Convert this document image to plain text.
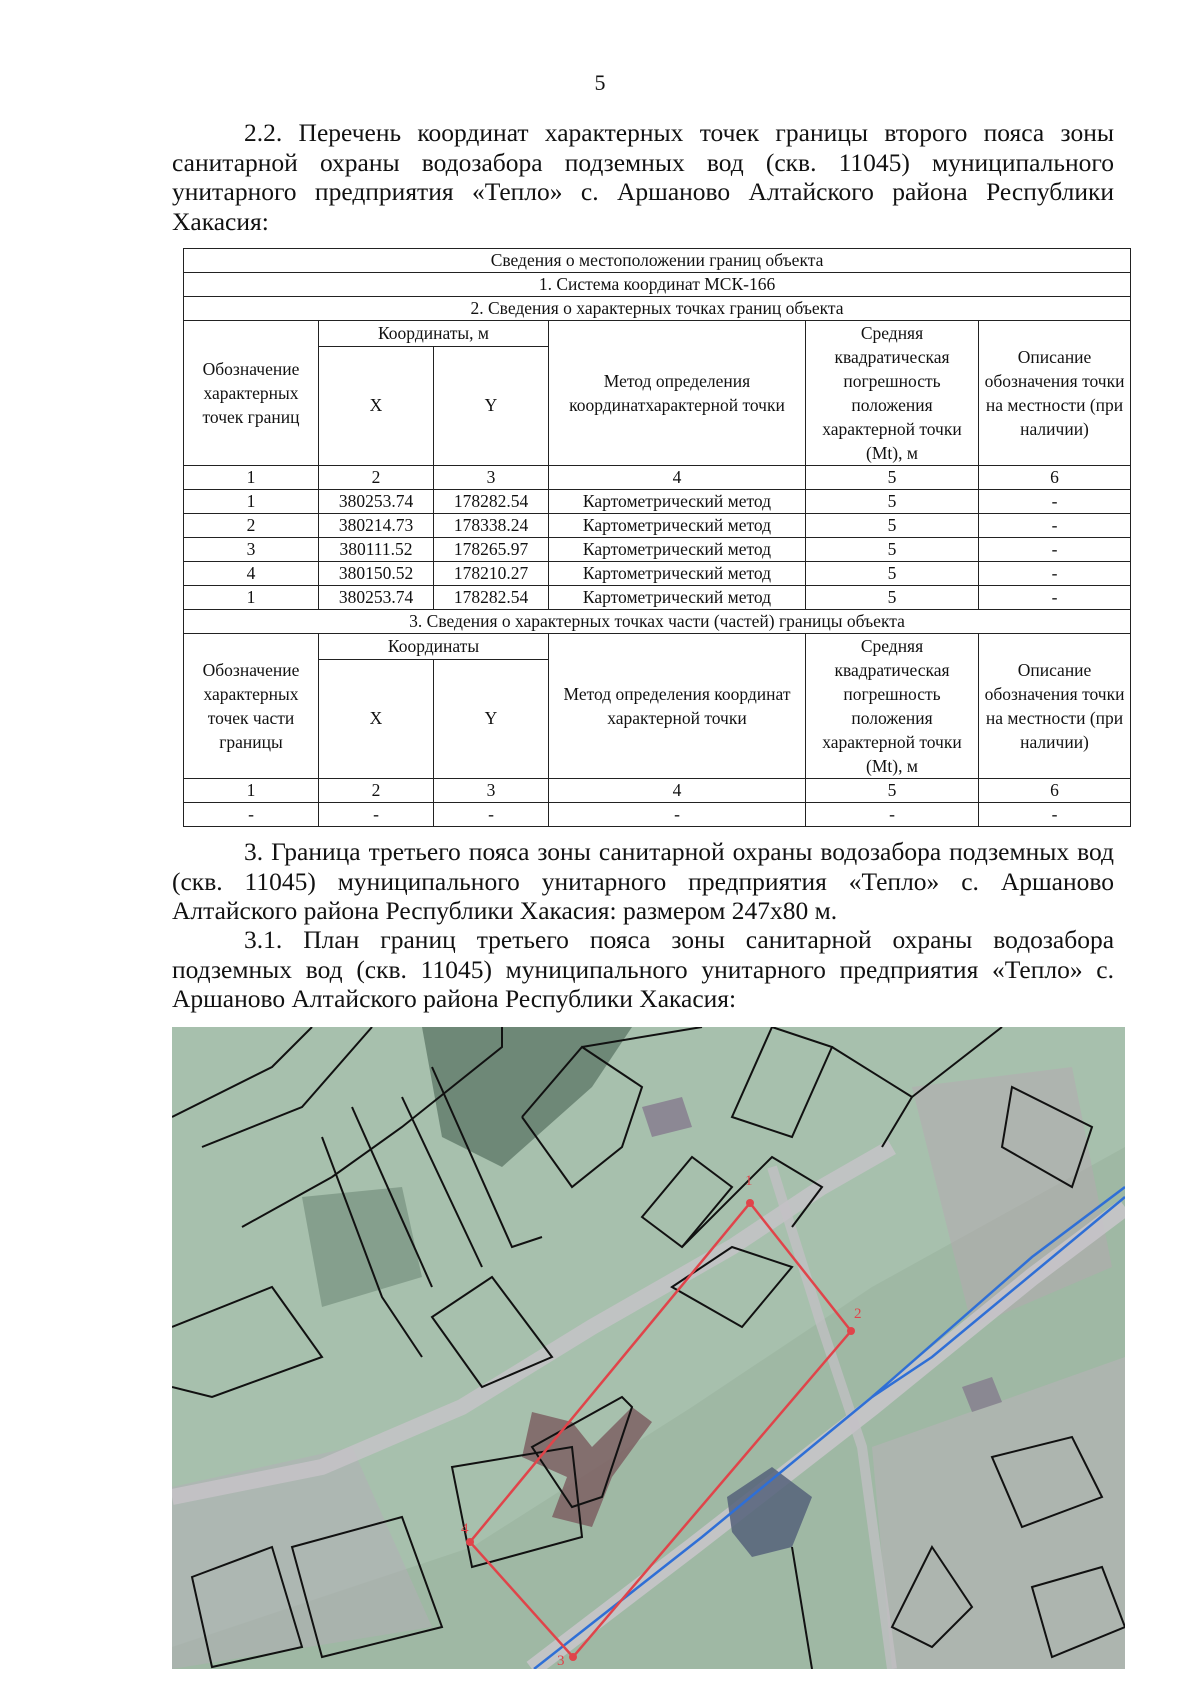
5

2.2. Перечень координат характерных точек границы второго пояса зоны санитарной охраны водозабора подземных вод (скв. 11045) муниципального унитарного предприятия «Тепло» с. Аршаново Алтайского района Республики Хакасия:

Сведения о местоположении границ объекта					
1. Система координат МСК-166					
2. Сведения о характерных точках границ объекта					
Обозначение характерных точек границ	Координаты, м		Метод определения координатхарактерной точки	Средняя квадратическая погрешность положения характерной точки (Mt), м	Описание обозначения точки на местности (при наличии)
	X	Y			
1	2	3	4	5	6
1	380253.74	178282.54	Картометрический метод	5	-
2	380214.73	178338.24	Картометрический метод	5	-
3	380111.52	178265.97	Картометрический метод	5	-
4	380150.52	178210.27	Картометрический метод	5	-
1	380253.74	178282.54	Картометрический метод	5	-
3. Сведения о характерных точках части (частей) границы объекта					
Обозначение характерных точек части границы	Координаты		Метод определения координат характерной точки	Средняя квадратическая погрешность положения характерной точки (Mt), м	Описание обозначения точки на местности (при наличии)
	X	Y			
1	2	3	4	5	6
-	-	-	-	-	-

3. Граница третьего пояса зоны санитарной охраны водозабора подземных вод (скв. 11045) муниципального унитарного предприятия «Тепло» с. Аршаново Алтайского района Республики Хакасия: размером 247х80 м.

3.1. План границ третьего пояса зоны санитарной охраны водозабора подземных вод (скв. 11045) муниципального унитарного предприятия «Тепло» с. Аршаново Алтайского района Республики Хакасия:

1
2
3
4
